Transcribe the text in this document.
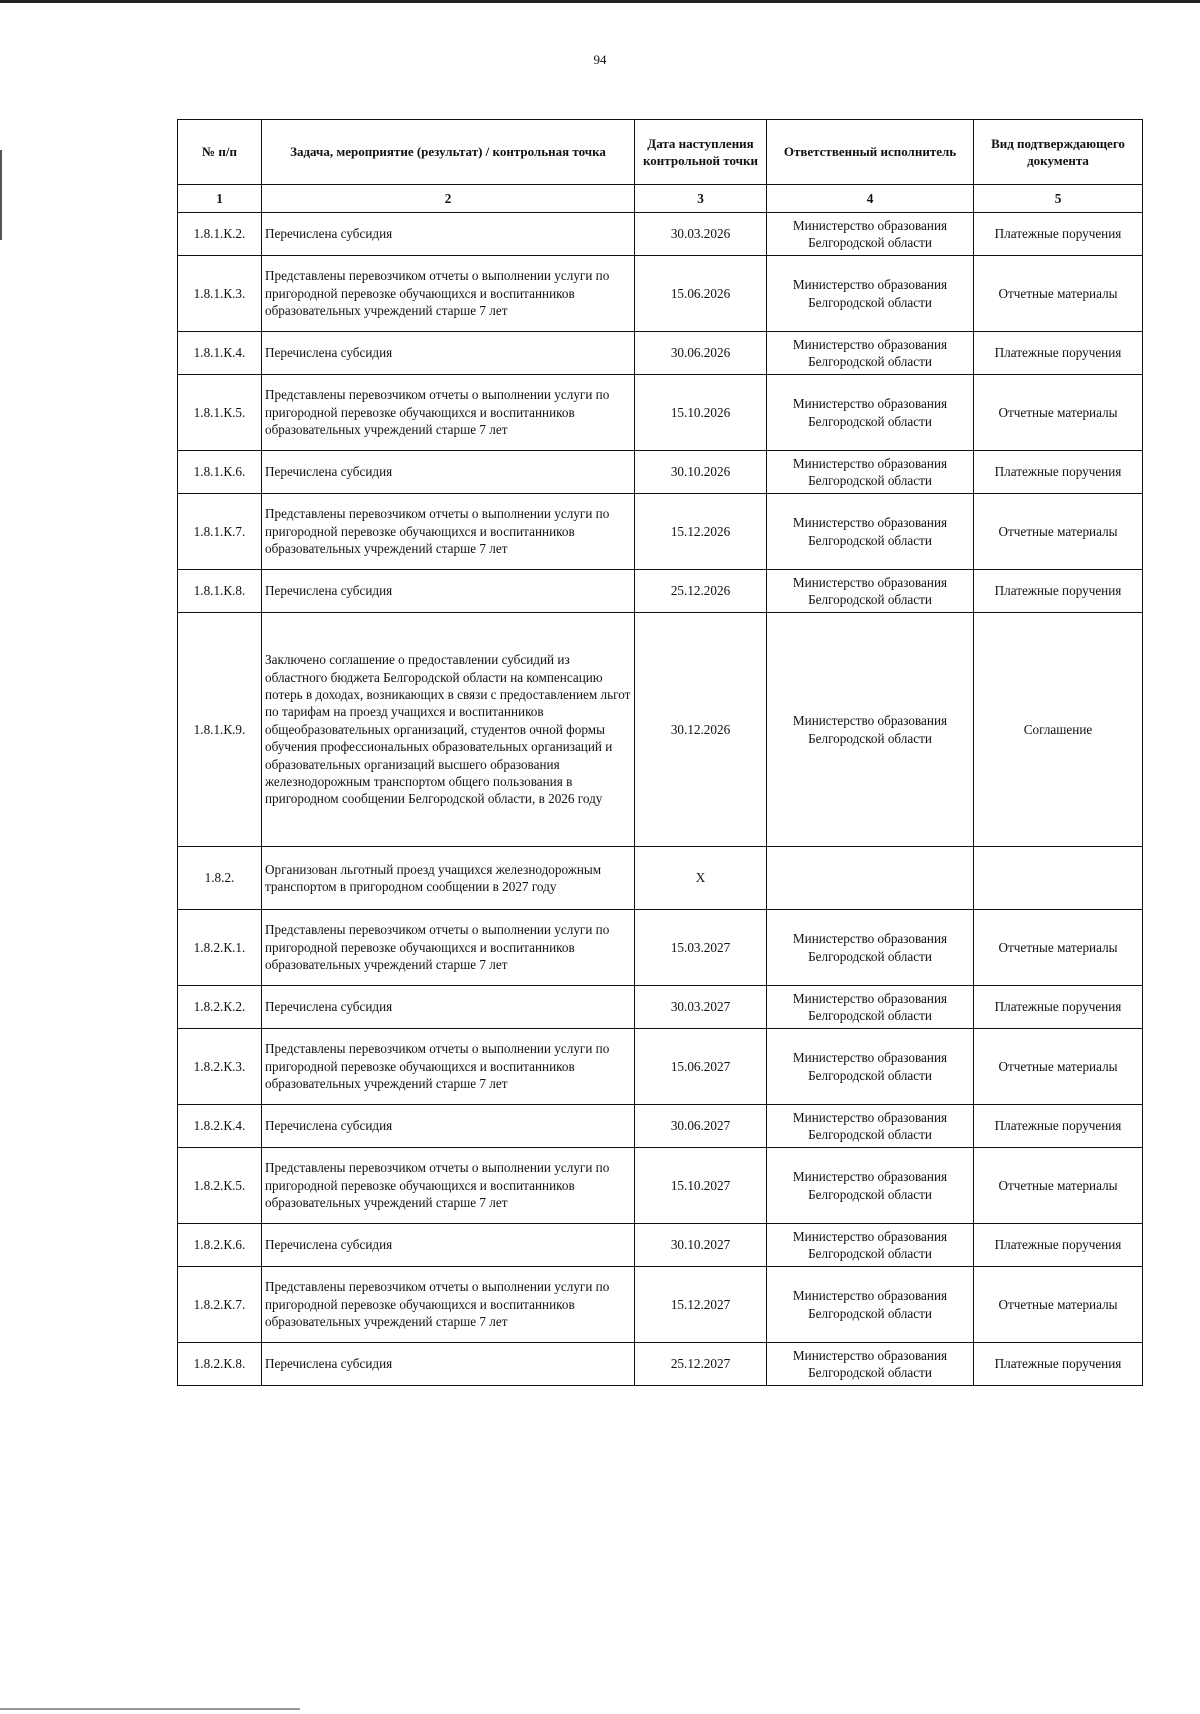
94
№ п/п	Задача, мероприятие (результат) / контрольная точка	Дата наступления контрольной точки	Ответственный исполнитель	Вид подтверждающего документа
1	2	3	4	5
1.8.1.К.2.	Перечислена субсидия	30.03.2026	Министерство образования Белгородской области	Платежные поручения
1.8.1.К.3.	Представлены перевозчиком отчеты о выполнении услуги по пригородной перевозке обучающихся и воспитанников образовательных учреждений старше 7 лет	15.06.2026	Министерство образования Белгородской области	Отчетные материалы
1.8.1.К.4.	Перечислена субсидия	30.06.2026	Министерство образования Белгородской области	Платежные поручения
1.8.1.К.5.	Представлены перевозчиком отчеты о выполнении услуги по пригородной перевозке обучающихся и воспитанников образовательных учреждений старше 7 лет	15.10.2026	Министерство образования Белгородской области	Отчетные материалы
1.8.1.К.6.	Перечислена субсидия	30.10.2026	Министерство образования Белгородской области	Платежные поручения
1.8.1.К.7.	Представлены перевозчиком отчеты о выполнении услуги по пригородной перевозке обучающихся и воспитанников образовательных учреждений старше 7 лет	15.12.2026	Министерство образования Белгородской области	Отчетные материалы
1.8.1.К.8.	Перечислена субсидия	25.12.2026	Министерство образования Белгородской области	Платежные поручения
1.8.1.К.9.	Заключено соглашение о предоставлении субсидий из областного бюджета Белгородской области на компенсацию потерь в доходах, возникающих в связи с предоставлением льгот по тарифам на проезд учащихся и воспитанников общеобразовательных организаций, студентов очной формы обучения профессиональных образовательных организаций и образовательных организаций высшего образования железнодорожным транспортом общего пользования в пригородном сообщении Белгородской области, в 2026 году	30.12.2026	Министерство образования Белгородской области	Соглашение
1.8.2.	Организован льготный проезд учащихся железнодорожным транспортом в пригородном сообщении в 2027 году	X		
1.8.2.К.1.	Представлены перевозчиком отчеты о выполнении услуги по пригородной перевозке обучающихся и воспитанников образовательных учреждений старше 7 лет	15.03.2027	Министерство образования Белгородской области	Отчетные материалы
1.8.2.К.2.	Перечислена субсидия	30.03.2027	Министерство образования Белгородской области	Платежные поручения
1.8.2.К.3.	Представлены перевозчиком отчеты о выполнении услуги по пригородной перевозке обучающихся и воспитанников образовательных учреждений старше 7 лет	15.06.2027	Министерство образования Белгородской области	Отчетные материалы
1.8.2.К.4.	Перечислена субсидия	30.06.2027	Министерство образования Белгородской области	Платежные поручения
1.8.2.К.5.	Представлены перевозчиком отчеты о выполнении услуги по пригородной перевозке обучающихся и воспитанников образовательных учреждений старше 7 лет	15.10.2027	Министерство образования Белгородской области	Отчетные материалы
1.8.2.К.6.	Перечислена субсидия	30.10.2027	Министерство образования Белгородской области	Платежные поручения
1.8.2.К.7.	Представлены перевозчиком отчеты о выполнении услуги по пригородной перевозке обучающихся и воспитанников образовательных учреждений старше 7 лет	15.12.2027	Министерство образования Белгородской области	Отчетные материалы
1.8.2.К.8.	Перечислена субсидия	25.12.2027	Министерство образования Белгородской области	Платежные поручения
